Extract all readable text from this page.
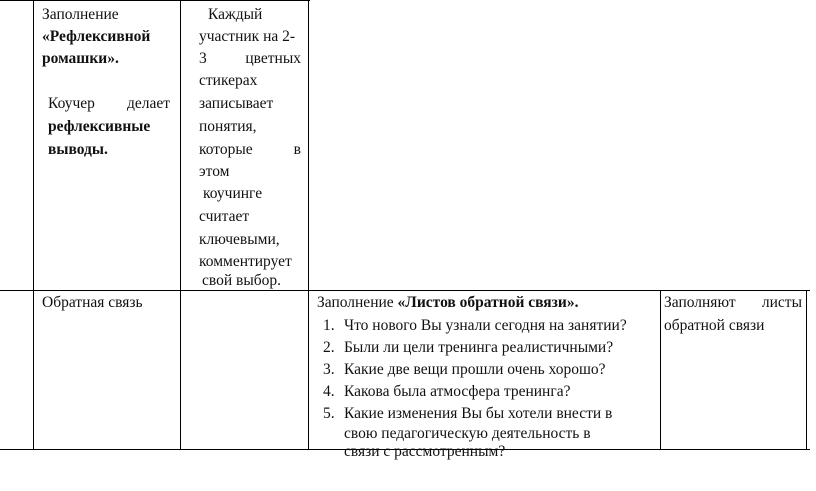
Заполнение
«Рефлексивной
ромашки».
Коучер делает
рефлексивные
выводы.
Каждый
участник на 2-
3 цветных
стикерах
записывает
понятия,
которые	в
этом
коучинге
считает
ключевыми,
комментирует
свой выбор.
Обратная связь	Заполнение «Листов обратной связи».
1. Что нового Вы узнали сегодня на занятии?
2. Были ли цели тренинга реалистичными?
3. Какие две вещи прошли очень хорошо?
4. Какова была атмосфера тренинга?
5. Какие изменения Вы бы хотели внести в
свою педагогическую деятельность в
связи с рассмотренным?
Заполняют листы
обратной связи
